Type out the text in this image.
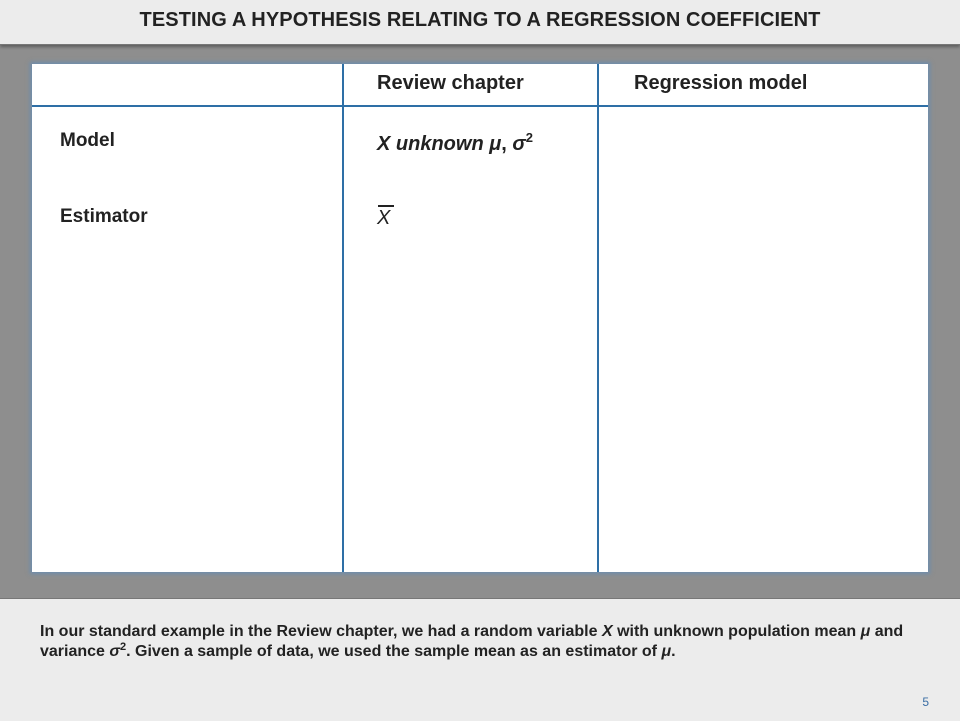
TESTING A HYPOTHESIS RELATING TO A REGRESSION COEFFICIENT
Review chapter	Regression model
Model
Estimator
X unknown μ, $\sigma^2$
X
In our standard example in the Review chapter, we had a random variable X with unknown population mean μ and variance $\sigma^2$. Given a sample of data, we used the sample mean as an estimator of μ.
5
